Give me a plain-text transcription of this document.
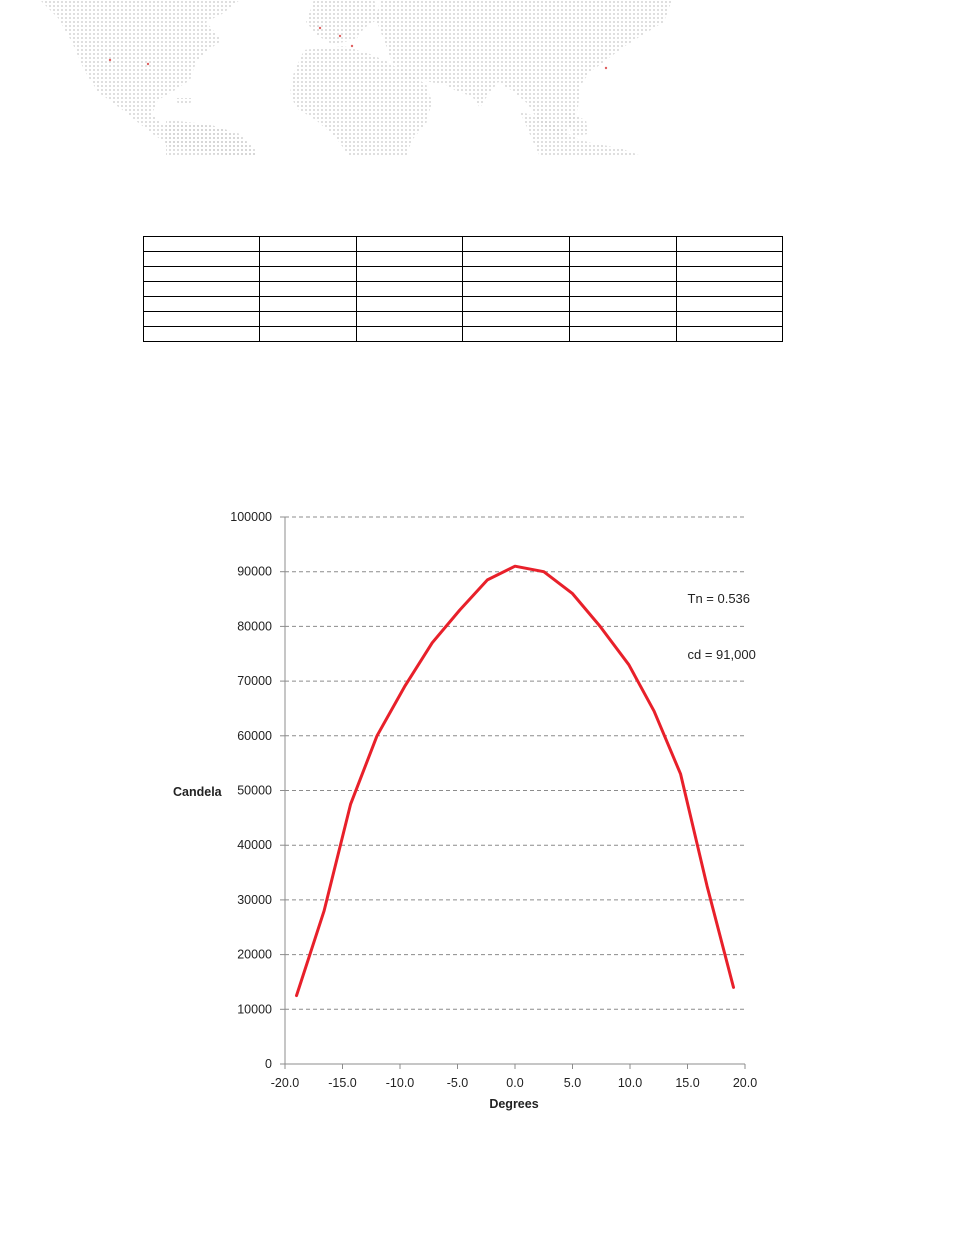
0
10000
20000
30000
40000
50000
60000
70000
80000
90000
100000
-20.0 -15.0 -10.0	-5.0	0.0	5.0	10.0	15.0	20.0
Candela
Degrees
Tn = 0.536
cd = 91,000
